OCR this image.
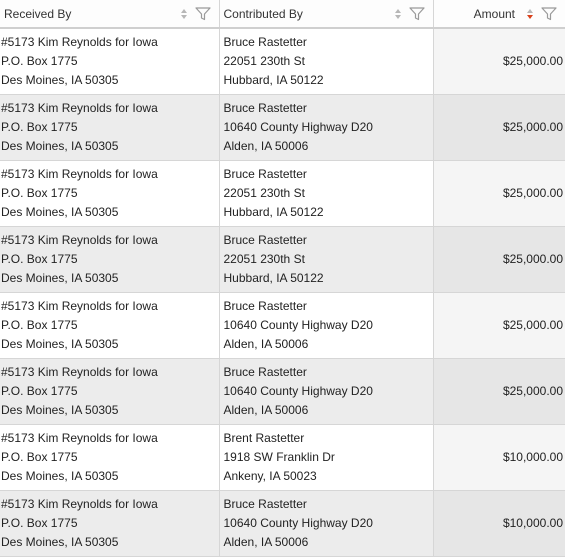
Received By	Contributed By	Amount

#5173 Kim Reynolds for Iowa
P.O. Box 1775
Des Moines, IA 50305	Bruce Rastetter
22051 230th St
Hubbard, IA 50122	$25,000.00

#5173 Kim Reynolds for Iowa
P.O. Box 1775
Des Moines, IA 50305	Bruce Rastetter
10640 County Highway D20
Alden, IA 50006	$25,000.00

#5173 Kim Reynolds for Iowa
P.O. Box 1775
Des Moines, IA 50305	Bruce Rastetter
22051 230th St
Hubbard, IA 50122	$25,000.00

#5173 Kim Reynolds for Iowa
P.O. Box 1775
Des Moines, IA 50305	Bruce Rastetter
22051 230th St
Hubbard, IA 50122	$25,000.00

#5173 Kim Reynolds for Iowa
P.O. Box 1775
Des Moines, IA 50305	Bruce Rastetter
10640 County Highway D20
Alden, IA 50006	$25,000.00

#5173 Kim Reynolds for Iowa
P.O. Box 1775
Des Moines, IA 50305	Bruce Rastetter
10640 County Highway D20
Alden, IA 50006	$25,000.00

#5173 Kim Reynolds for Iowa
P.O. Box 1775
Des Moines, IA 50305	Brent Rastetter
1918 SW Franklin Dr
Ankeny, IA 50023	$10,000.00

#5173 Kim Reynolds for Iowa
P.O. Box 1775
Des Moines, IA 50305	Bruce Rastetter
10640 County Highway D20
Alden, IA 50006	$10,000.00
